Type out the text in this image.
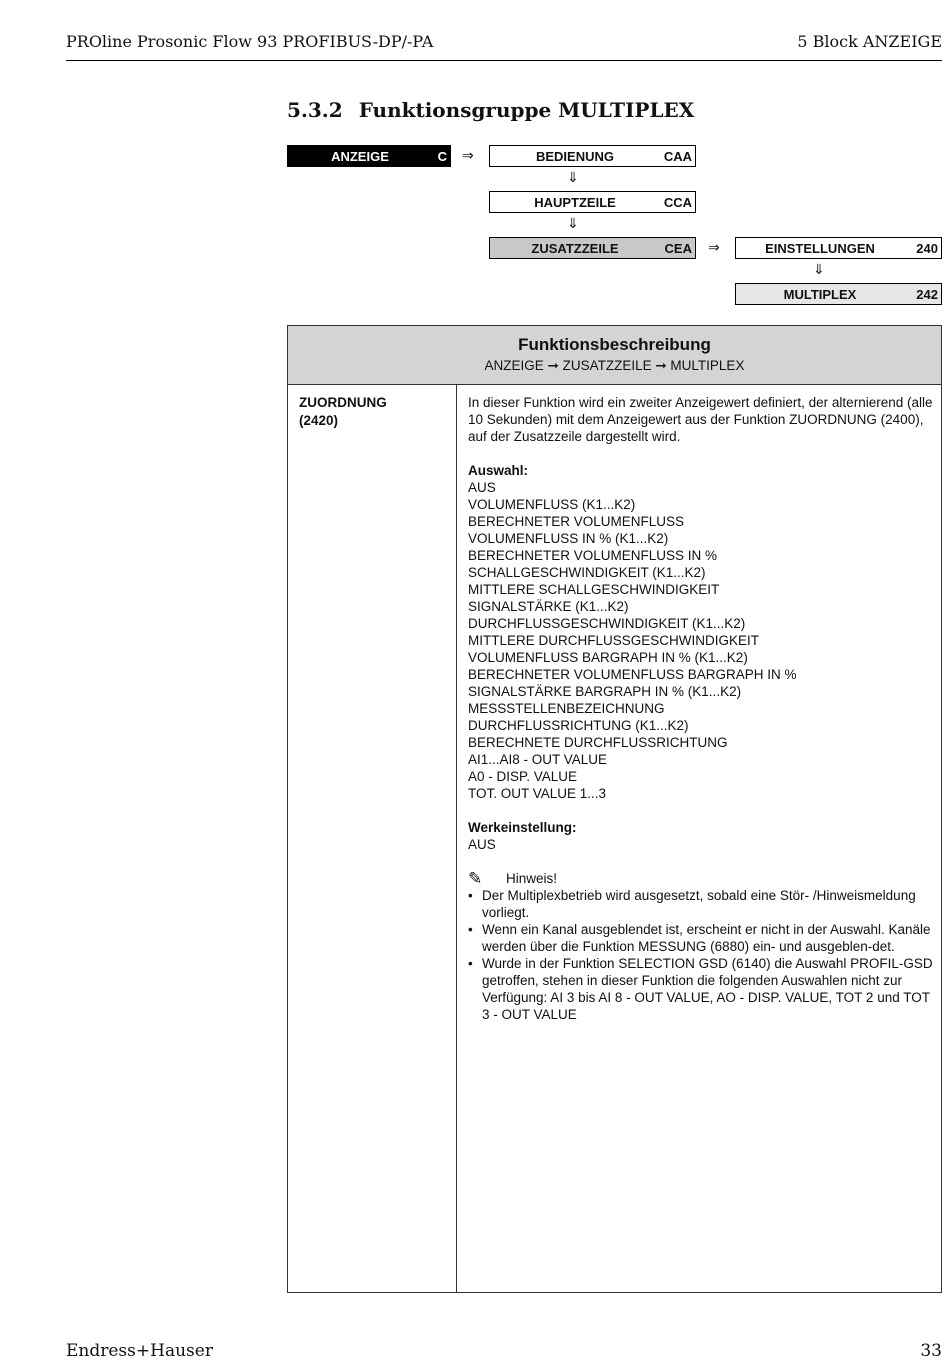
PROline Prosonic Flow 93 PROFIBUS-DP/-PA	5 Block ANZEIGE
5.3.2 Funktionsgruppe MULTIPLEX
ANZEIGE	C ⇒	BEDIENUNG	CAA
⇓
HAUPTZEILE	CCA
⇓
ZUSATZZEILE	CEA ⇒	EINSTELLUNGEN	240
⇓
MULTIPLEX	242
Funktionsbeschreibung
ANZEIGE ➞ ZUSATZZEILE ➞ MULTIPLEX
ZUORDNUNG
(2420)

In dieser Funktion wird ein zweiter Anzeigewert definiert, der alternierend (alle 10 Sekunden) mit dem Anzeigewert aus der Funktion ZUORDNUNG (2400), auf der Zusatzzeile dargestellt wird.

Auswahl:
AUS
VOLUMENFLUSS (K1...K2)
BERECHNETER VOLUMENFLUSS
VOLUMENFLUSS IN % (K1...K2)
BERECHNETER VOLUMENFLUSS IN %
SCHALLGESCHWINDIGKEIT (K1...K2)
MITTLERE SCHALLGESCHWINDIGKEIT
SIGNALSTÄRKE (K1...K2)
DURCHFLUSSGESCHWINDIGKEIT (K1...K2)
MITTLERE DURCHFLUSSGESCHWINDIGKEIT
VOLUMENFLUSS BARGRAPH IN % (K1...K2)
BERECHNETER VOLUMENFLUSS BARGRAPH IN %
SIGNALSTÄRKE BARGRAPH IN % (K1...K2)
MESSSTELLENBEZEICHNUNG
DURCHFLUSSRICHTUNG (K1...K2)
BERECHNETE DURCHFLUSSRICHTUNG
AI1...AI8 - OUT VALUE
A0 - DISP. VALUE
TOT. OUT VALUE 1...3
Werkeinstellung:
AUS
✎	Hinweis!
• Der Multiplexbetrieb wird ausgesetzt, sobald eine Stör- /Hinweismeldung vorliegt.
• Wenn ein Kanal ausgeblendet ist, erscheint er nicht in der Auswahl. Kanäle werden über die Funktion MESSUNG (6880) ein- und ausgeblen-det.
• Wurde in der Funktion SELECTION GSD (6140) die Auswahl PROFIL-GSD getroffen, stehen in dieser Funktion die folgenden Auswahlen nicht zur Verfügung: AI 3 bis AI 8 - OUT VALUE, AO - DISP. VALUE, TOT 2 und TOT 3 - OUT VALUE
Endress+Hauser	33
